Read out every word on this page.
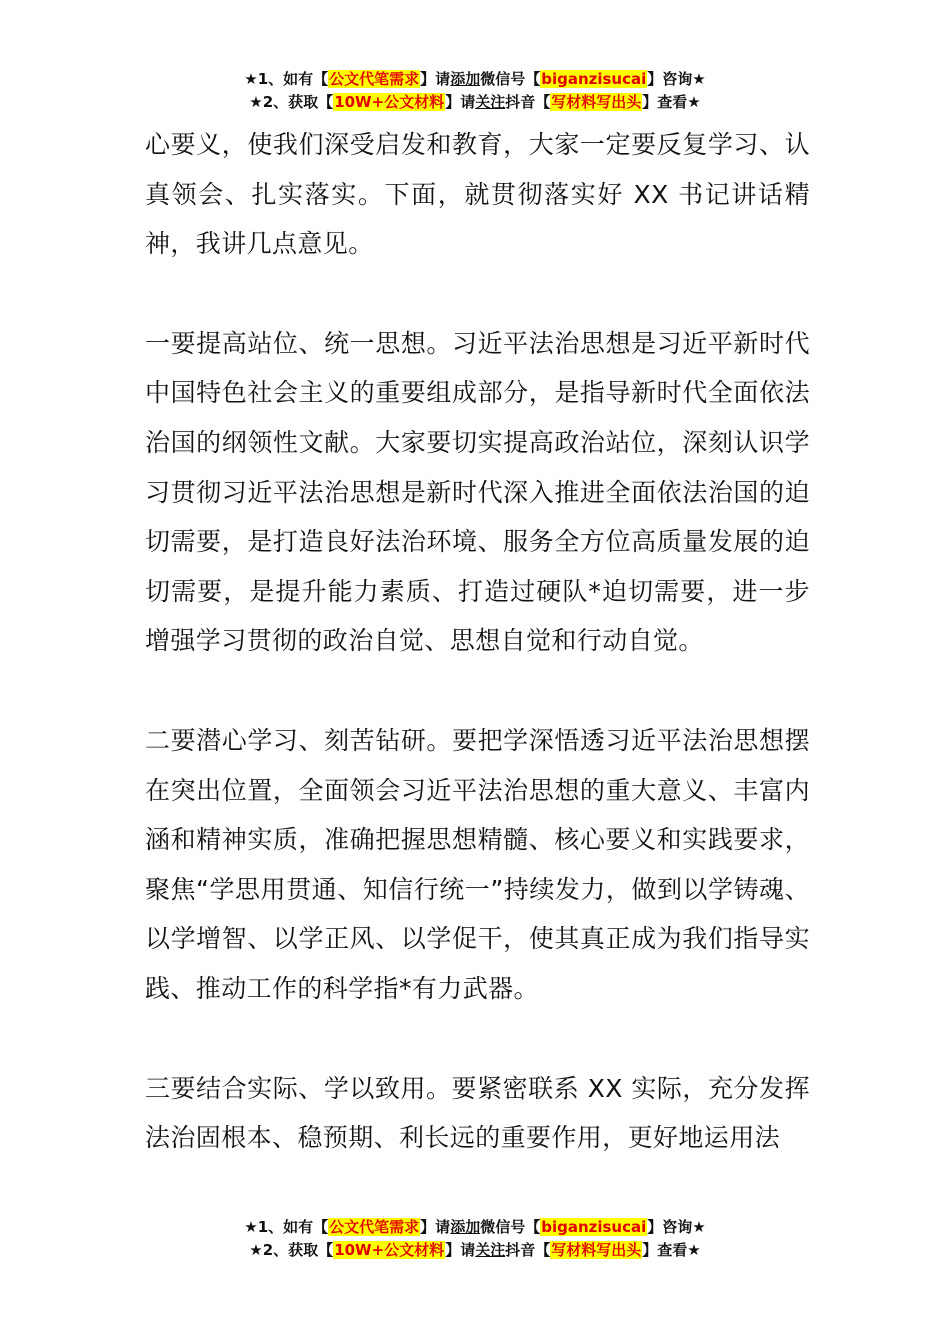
★1、如有【公文代笔需求】请添加微信号【biganzisucai】咨询★
★2、获取【10W+公文材料】请关注抖音【写材料写出头】查看★

心要义，使我们深受启发和教育，大家一定要反复学习、认真领会、扎实落实。下面，就贯彻落实好 XX 书记讲话精神，我讲几点意见。

一要提高站位、统一思想。习近平法治思想是习近平新时代中国特色社会主义的重要组成部分，是指导新时代全面依法治国的纲领性文献。大家要切实提高政治站位，深刻认识学习贯彻习近平法治思想是新时代深入推进全面依法治国的迫切需要，是打造良好法治环境、服务全方位高质量发展的迫切需要，是提升能力素质、打造过硬队*迫切需要，进一步增强学习贯彻的政治自觉、思想自觉和行动自觉。

二要潜心学习、刻苦钻研。要把学深悟透习近平法治思想摆在突出位置，全面领会习近平法治思想的重大意义、丰富内涵和精神实质，准确把握思想精髓、核心要义和实践要求，聚焦“学思用贯通、知信行统一”持续发力，做到以学铸魂、以学增智、以学正风、以学促干，使其真正成为我们指导实践、推动工作的科学指*有力武器。

三要结合实际、学以致用。要紧密联系 XX 实际，充分发挥法治固根本、稳预期、利长远的重要作用，更好地运用法

★1、如有【公文代笔需求】请添加微信号【biganzisucai】咨询★
★2、获取【10W+公文材料】请关注抖音【写材料写出头】查看★
